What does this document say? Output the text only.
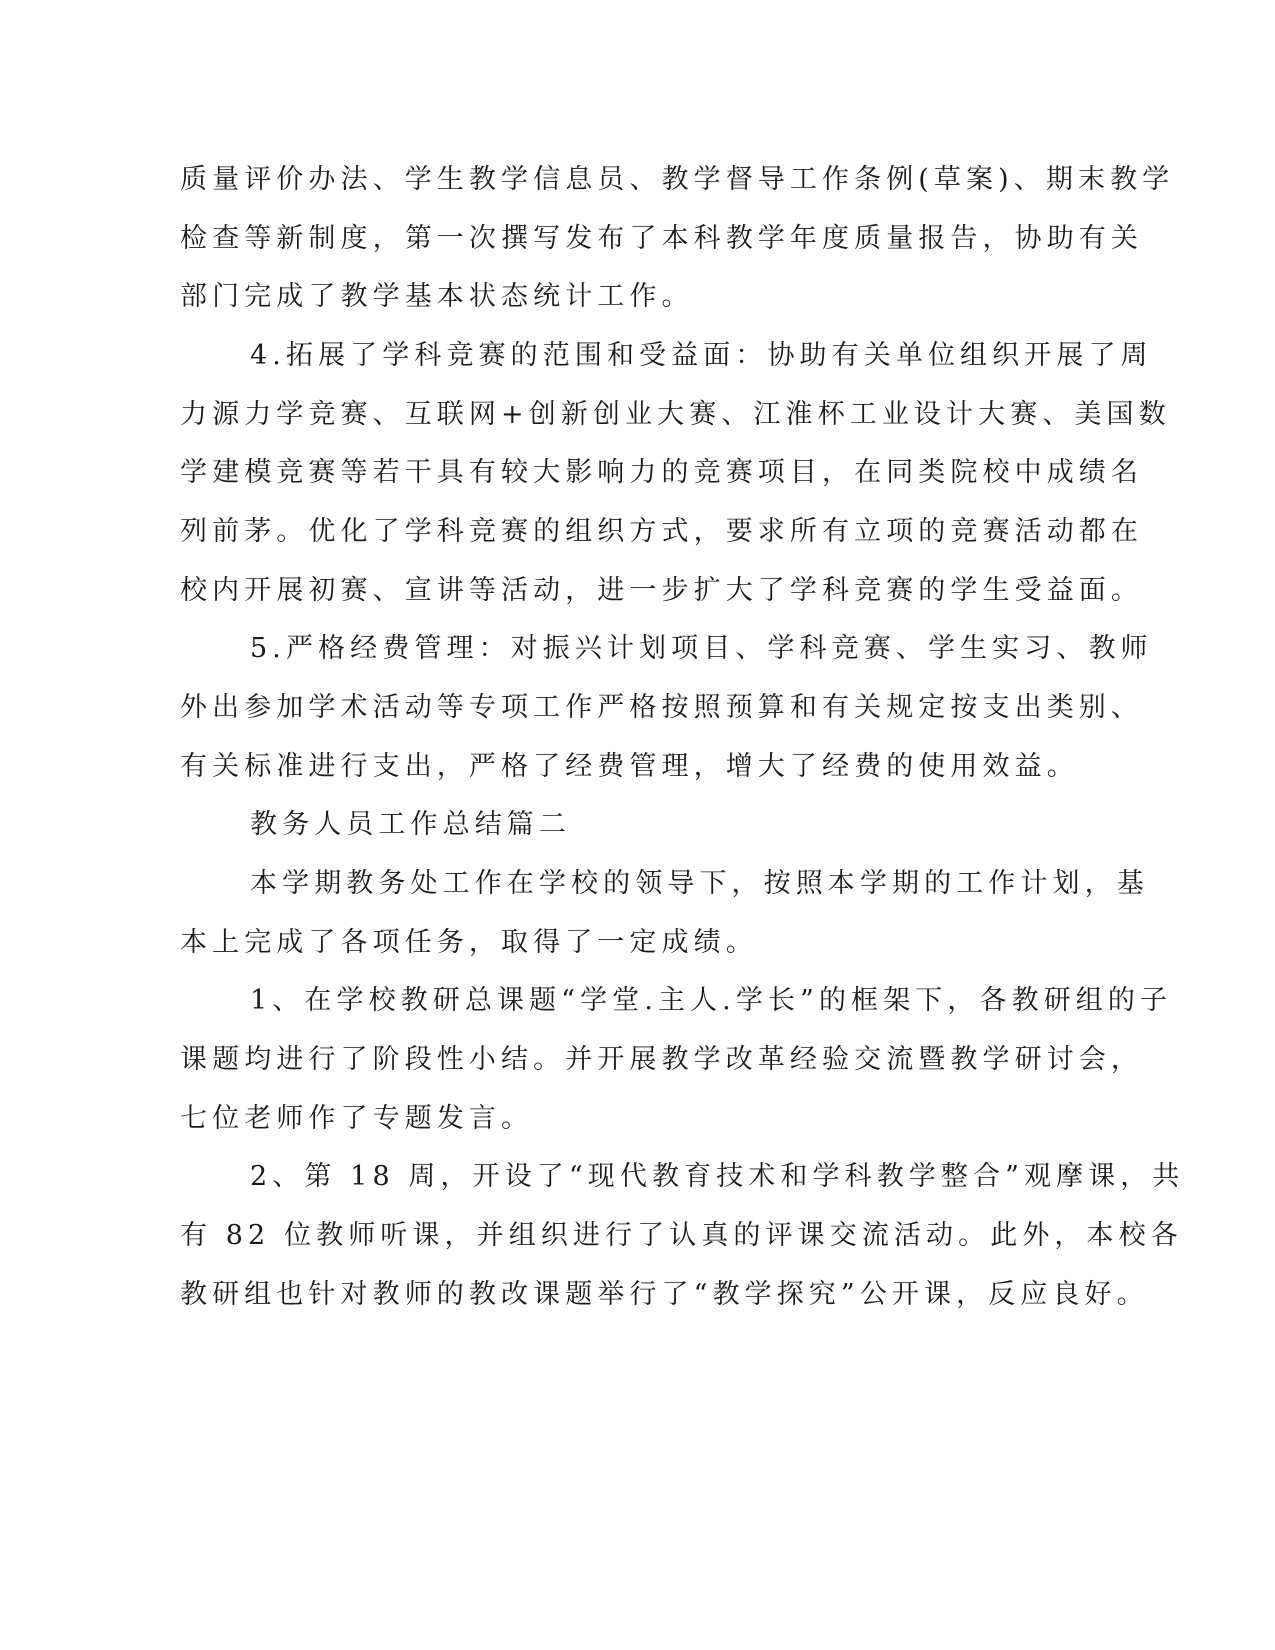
质量评价办法、学生教学信息员、教学督导工作条例(草案)、期末教学

检查等新制度，第一次撰写发布了本科教学年度质量报告，协助有关

部门完成了教学基本状态统计工作。

4.拓展了学科竞赛的范围和受益面：协助有关单位组织开展了周

力源力学竞赛、互联网+创新创业大赛、江淮杯工业设计大赛、美国数

学建模竞赛等若干具有较大影响力的竞赛项目，在同类院校中成绩名

列前茅。优化了学科竞赛的组织方式，要求所有立项的竞赛活动都在

校内开展初赛、宣讲等活动，进一步扩大了学科竞赛的学生受益面。

5.严格经费管理：对振兴计划项目、学科竞赛、学生实习、教师

外出参加学术活动等专项工作严格按照预算和有关规定按支出类别、

有关标准进行支出，严格了经费管理，增大了经费的使用效益。

教务人员工作总结篇二

本学期教务处工作在学校的领导下，按照本学期的工作计划，基

本上完成了各项任务，取得了一定成绩。

1、在学校教研总课题“学堂.主人.学长”的框架下，各教研组的子

课题均进行了阶段性小结。并开展教学改革经验交流暨教学研讨会，

七位老师作了专题发言。

2、第 18 周，开设了“现代教育技术和学科教学整合”观摩课，共

有 82 位教师听课，并组织进行了认真的评课交流活动。此外，本校各

教研组也针对教师的教改课题举行了“教学探究”公开课，反应良好。
